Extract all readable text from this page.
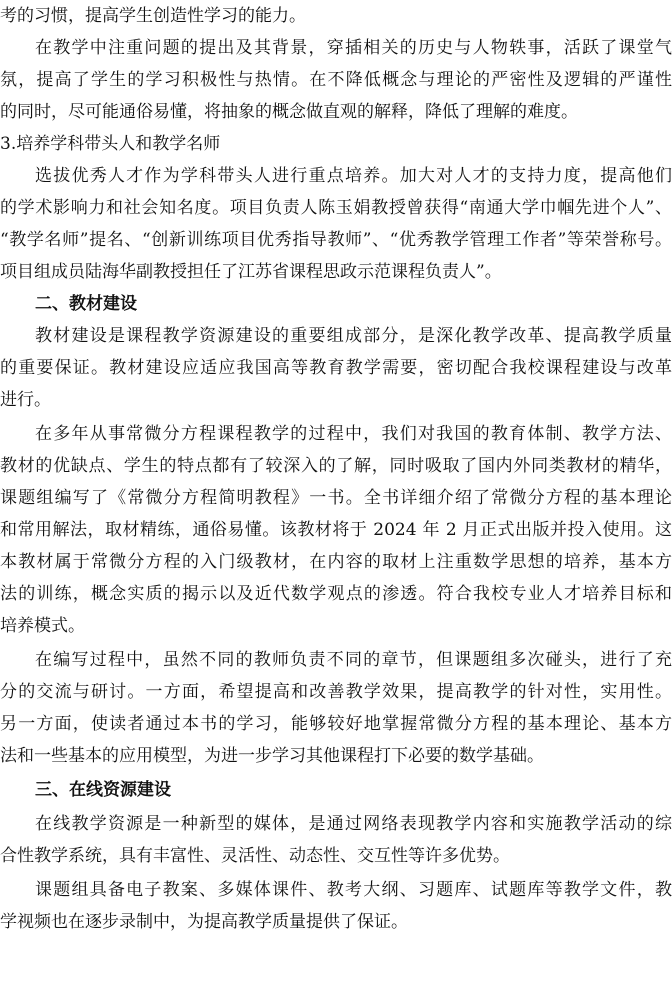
考的习惯，提高学生创造性学习的能力。
在教学中注重问题的提出及其背景，穿插相关的历史与人物轶事，活跃了课堂气
氛，提高了学生的学习积极性与热情。在不降低概念与理论的严密性及逻辑的严谨性
的同时，尽可能通俗易懂，将抽象的概念做直观的解释，降低了理解的难度。
3.培养学科带头人和教学名师
选拔优秀人才作为学科带头人进行重点培养。加大对人才的支持力度，提高他们
的学术影响力和社会知名度。项目负责人陈玉娟教授曾获得“南通大学巾帼先进个人”、
“教学名师”提名、“创新训练项目优秀指导教师”、“优秀教学管理工作者”等荣誉称号。
项目组成员陆海华副教授担任了江苏省课程思政示范课程负责人”。
二、教材建设
教材建设是课程教学资源建设的重要组成部分，是深化教学改革、提高教学质量
的重要保证。教材建设应适应我国高等教育教学需要，密切配合我校课程建设与改革
进行。
在多年从事常微分方程课程教学的过程中，我们对我国的教育体制、教学方法、
教材的优缺点、学生的特点都有了较深入的了解，同时吸取了国内外同类教材的精华，
课题组编写了《常微分方程简明教程》一书。全书详细介绍了常微分方程的基本理论
和常用解法，取材精练，通俗易懂。该教材将于 2024 年 2 月正式出版并投入使用。这
本教材属于常微分方程的入门级教材，在内容的取材上注重数学思想的培养，基本方
法的训练，概念实质的揭示以及近代数学观点的渗透。符合我校专业人才培养目标和
培养模式。
在编写过程中，虽然不同的教师负责不同的章节，但课题组多次碰头，进行了充
分的交流与研讨。一方面，希望提高和改善教学效果，提高教学的针对性，实用性。
另一方面，使读者通过本书的学习，能够较好地掌握常微分方程的基本理论、基本方
法和一些基本的应用模型，为进一步学习其他课程打下必要的数学基础。
三、在线资源建设
在线教学资源是一种新型的媒体，是通过网络表现教学内容和实施教学活动的综
合性教学系统，具有丰富性、灵活性、动态性、交互性等许多优势。
课题组具备电子教案、多媒体课件、教考大纲、习题库、试题库等教学文件，教
学视频也在逐步录制中，为提高教学质量提供了保证。
